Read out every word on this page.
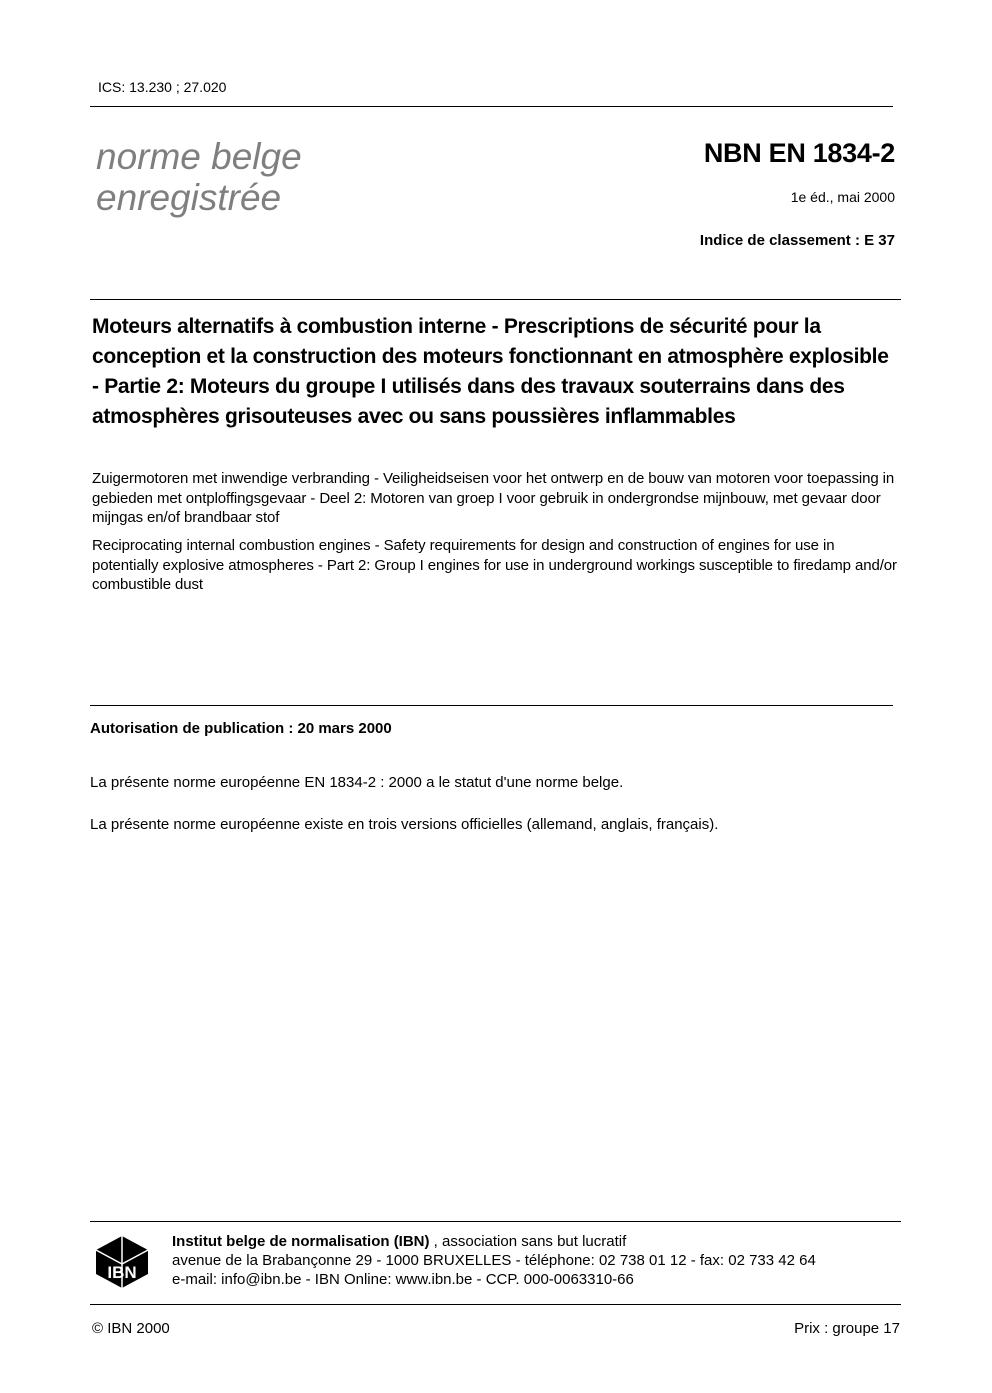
ICS: 13.230 ; 27.020
norme belge
enregistrée
NBN EN 1834-2
1e éd., mai 2000
Indice de classement : E 37
Moteurs alternatifs à combustion interne - Prescriptions de sécurité pour la conception et la construction des moteurs fonctionnant en atmosphère explosible - Partie 2: Moteurs du groupe I utilisés dans des travaux souterrains dans des atmosphères grisouteuses avec ou sans poussières inflammables
Zuigermotoren met inwendige verbranding - Veiligheidseisen voor het ontwerp en de bouw van motoren voor toepassing in gebieden met ontploffingsgevaar - Deel 2: Motoren van groep I voor gebruik in ondergrondse mijnbouw, met gevaar door mijngas en/of brandbaar stof
Reciprocating internal combustion engines - Safety requirements for design and construction of engines for use in potentially explosive atmospheres - Part 2: Group I engines for use in underground workings susceptible to firedamp and/or combustible dust
Autorisation de publication : 20 mars 2000
La présente norme européenne EN 1834-2 : 2000 a le statut d'une norme belge.
La présente norme européenne existe en trois versions officielles (allemand, anglais, français).
IBN
Institut belge de normalisation (IBN) , association sans but lucratif
avenue de la Brabançonne 29 - 1000 BRUXELLES - téléphone: 02 738 01 12 - fax: 02 733 42 64
e-mail: info@ibn.be - IBN Online: www.ibn.be - CCP. 000-0063310-66
© IBN 2000	Prix : groupe 17
